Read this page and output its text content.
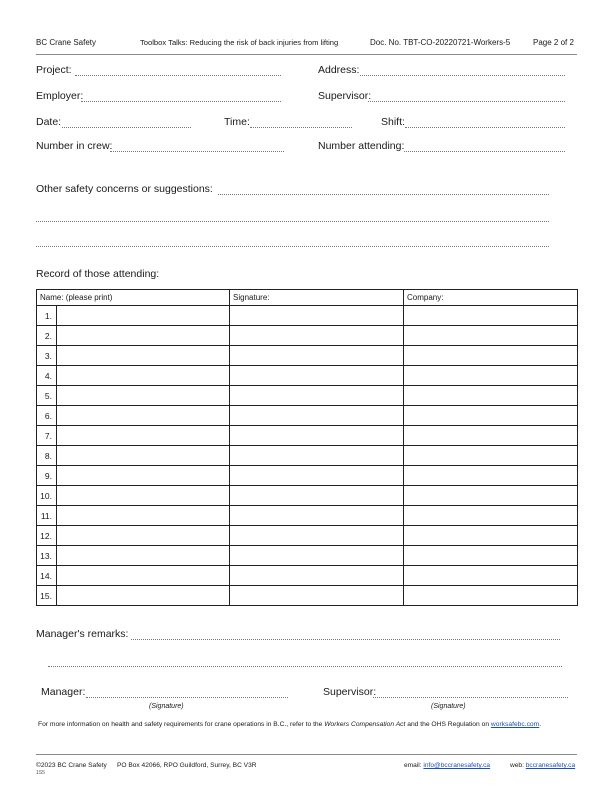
BC Crane Safety	Toolbox Talks: Reducing the risk of back injuries from lifting	Doc. No. TBT-CO-20220721-Workers-5	Page 2 of 2
Project:	Address:
Employer:	Supervisor:
Date:	Time:	Shift:
Number in crew:	Number attending:
Other safety concerns or suggestions:
Record of those attending:
Name: (please print)		Signature:	Company:
1.			
2.			
3.			
4.			
5.			
6.			
7.			
8.			
9.			
10.			
11.			
12.			
13.			
14.			
15.			
Manager's remarks:
Manager:
(Signature)
Supervisor:
(Signature)
For more information on health and safety requirements for crane operations in B.C., refer to the Workers Compensation Act and the OHS Regulation on worksafebc.com.
©2023 BC Crane Safety PO Box 42066, RPO Guildford, Surrey, BC V3R
1S5
email: info@bccranesafety.ca	web: bccranesafety.ca
